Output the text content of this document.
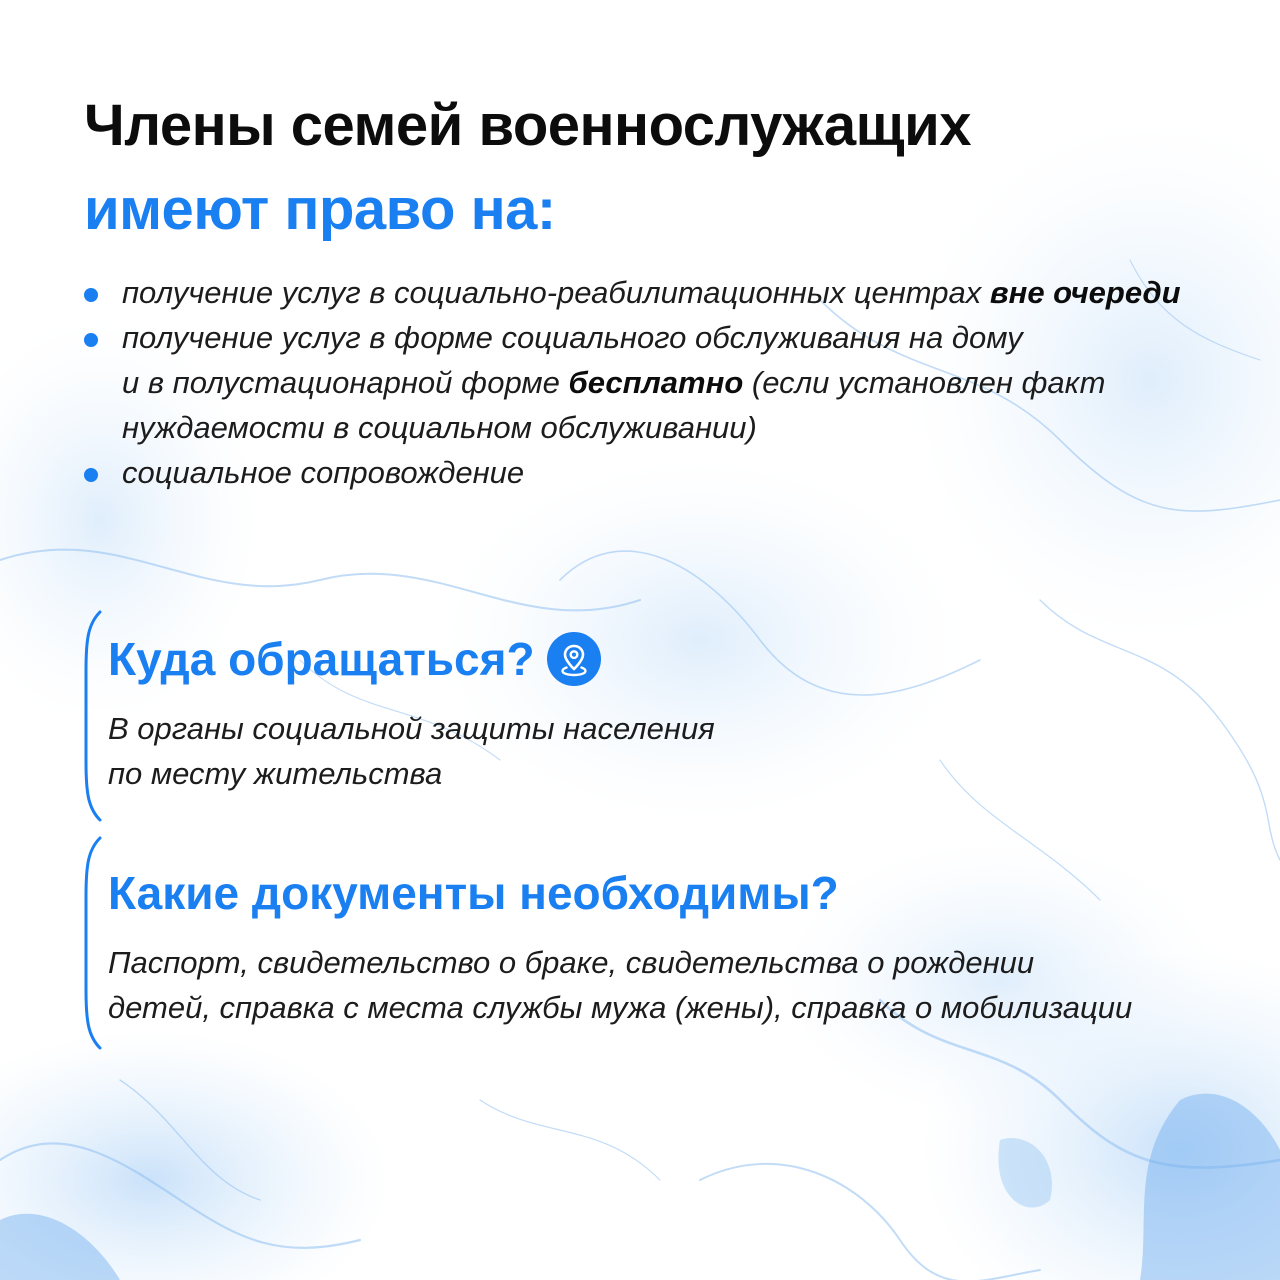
Члены семей военнослужащих
имеют право на:
получение услуг в социально-реабилитационных центрах вне очереди
получение услуг в форме социального обслуживания на дому
и в полустационарной форме бесплатно (если установлен факт
нуждаемости в социальном обслуживании)
социальное сопровождение
Куда обращаться?

В органы социальной защиты населения
по месту жительства

Какие документы необходимы?

Паспорт, свидетельство о браке, свидетельства о рождении
детей, справка с места службы мужа (жены), справка о мобилизации
